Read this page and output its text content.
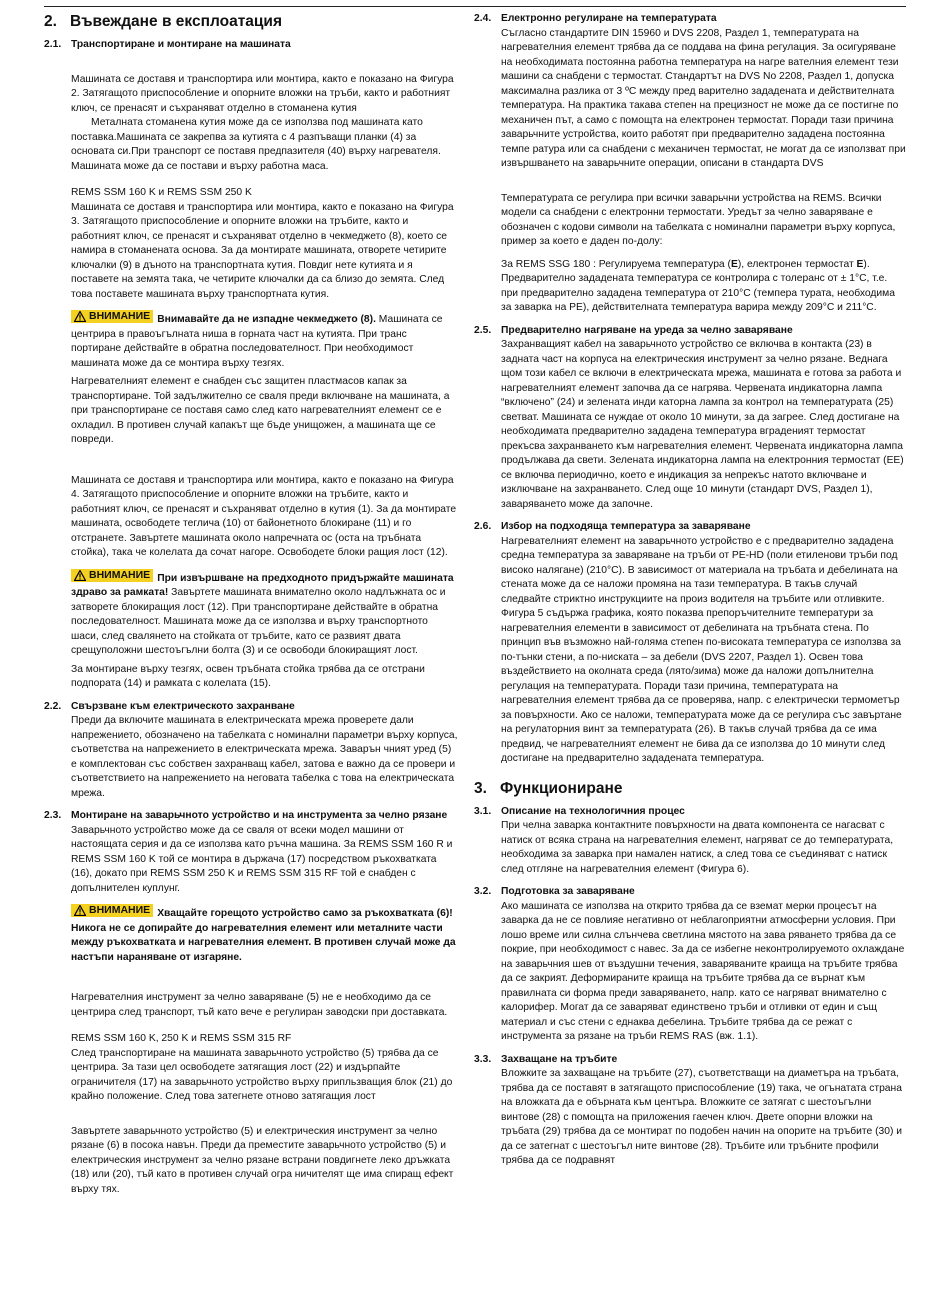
2. Въвеждане в експлоатация
2.1. Транспортиране и монтиране на машината

Машината се доставя и транспортира или монтира, както е показано на Фигура 2. Затягащото приспособление и опорните вложки на тръби, както и работният ключ, се пренасят и съхраняват отделно в стоманена кутия

Металната стоманена кутия може да се използва под машината като поставка.Машината се закрепва за кутията с 4 разпъващи планки (4) за основата си.При транспорт се поставя предпазителя (40) върху нагревателя. Машината може да се постави и върху работна маса.

REMS SSM 160 K и REMS SSM 250 K

Машината се доставя и транспортира или монтира, както е показано на Фигура 3. Затягащото приспособление и опорните вложки на тръбите, както и работният ключ, се пренасят и съхраняват отделно в чекмеджето (8), което се намира в стоманената основа. За да монтирате машината, отворете четирите ключалки (9) в дъното на транспортната кутия. Повдиг нете кутията и я поставете на земята така, че четирите ключалки да са близо до земята. След това поставете машината върху транспортната кутия.

ВНИМАНИЕ Внимавайте да не изпадне чекмеджето (8). Машината се центрира в правоъгълната ниша в горната част на кутията. При транс портиране действайте в обратна последователност. При необходимост машината може да се монтира върху тезгях.

Нагревателният елемент е снабден със защитен пластмасов капак за транспортиране. Той задължително се сваля преди включване на машината, а при транспортиране се поставя само след като нагревателният елемент се е охладил. В противен случай капакът ще бъде унищожен, а машината ще се повреди.

Машината се доставя и транспортира или монтира, както е показано на Фигура 4. Затягащото приспособление и опорните вложки на тръбите, както и работният ключ, се пренасят и съхраняват отделно в кутия (1). За да монтирате машината, освободете теглича (10) от байонетното блокиране (11) и го отстранете. Завъртете машината около напречната ос (оста на тръбната стойка), така че колелата да сочат нагоре. Освободете блоки ращия лост (12).

ВНИМАНИЕ При извършване на предходното придържайте машината здраво за рамката! Завъртете машината внимателно около надлъжната ос и затворете блокиращия лост (12). При транспортиране действайте в обратна последователност. Машината може да се използва и върху транспортното шаси, след свалянето на стойката от тръбите, като се развият двата срещуположни шестоъгълни болта (3) и се освободи блокиращият лост.

За монтиране върху тезгях, освен тръбната стойка трябва да се отстрани подпората (14) и рамката с колелата (15).

2.2. Свързване към електрическото захранване

Преди да включите машината в електрическата мрежа проверете дали напрежението, обозначено на табелката с номинални параметри върху корпуса, съответства на напрежението в електрическата мрежа. Заварън чният уред (5) е комплектован със собствен захранващ кабел, затова е важно да се провери и съответствието на напрежението на неговата табелка с това на електрическата мрежа.

2.3. Монтиране на заварьчното устройство и на инструмента за челно рязане

Заварьчното устройство може да се сваля от всеки модел машини от настоящата серия и да се използва като ръчна машина. За REMS SSM 160 R и REMS SSM 160 K той се монтира в държача (17) посредством ръкохватката (16), докато при REMS SSM 250 K и REMS SSM 315 RF той е снабден с допълнителен куплунг.

ВНИМАНИЕ Хващайте горещото устройство само за ръкохватката (6)! Никога не се допирайте до нагревателния елемент или металните части между ръкохватката и нагревателния елемент. В противен случай може да настъпи нараняване от изгаряне.

Нагревателния инструмент за челно заваряване (5) не е необходимо да се центрира след транспорт, тъй като вече е регулиран заводски при доставката.

REMS SSM 160 K, 250 K и REMS SSM 315 RF

След транспортиране на машината заварьчното устройство (5) трябва да се центрира. За тази цел освободете затягащия лост (22) и издърпайте ограничителя (17) на заварьчното устройство върху припльзващия блок (21) до крайно положение. След това затегнете отново затягащия лост

Завъртете заварьчното устройство (5) и електрическия инструмент за челно рязане (6) в посока навън. Преди да преместите заварьчното устройство (5) и електрическия инструмент за челно рязане встрани повдигнете леко дръжката (18) или (20), тъй като в противен случай огра ничителят ще има спиращ ефект върху тях.

2.4. Електронно регулиране на температурата

Съгласно стандартите DIN 15960 и DVS 2208, Раздел 1, температурата на нагревателния елемент трябва да се поддава на фина регулация. За осигуряване на необходимата постоянна работна температура на нагре вателния елемент тези машини са снабдени с термостат. Стандартът на DVS No 2208, Раздел 1, допуска максимална разлика от 3 ºC между пред варително зададената и действителната температура. На практика такава степен на прецизност не може да се постигне по механичен път, а само с помощта на електронен термостат. Поради тази причина заварьчните устройства, които работят при предварително зададена постоянна темпе ратура или са снабдени с механичен термостат, не могат да се използват при извършването на заварьчните операции, описани в стандарта DVS

Температурата се регулира при всички заварьчни устройства на REMS. Всички модели са снабдени с електронни термостати. Уредът за челно заваряване е обозначен с кодови символи на табелката с номинални параметри върху корпуса, пример за което е даден по-долу:

За REMS SSG 180 : Регулируема температура (E), електронен термостат E). Предварително зададената температура се контролира с толеранс от ± 1°C, т.е. при предварително зададена температура от 210°C (темпера турата, необходима за заварка на PE), действителната температура варира между 209°C и 211°C.

2.5. Предварително нагряване на уреда за челно заваряване

Захранващият кабел на заварьчното устройство се включва в контакта (23) в задната част на корпуса на електрическия инструмент за челно рязане. Веднага щом този кабел се включи в електрическата мрежа, машината е готова за работа и нагревателният елемент започва да се нагрява. Червената индикаторна лампа “включено” (24) и зелената инди каторна лампа за контрол на температурата (25) светват. Машината се нуждае от около 10 минути, за да загрее. След достигане на необходимата предварително зададена температура вграденият термостат прекъсва захранването към нагревателния елемент. Червената индикаторна лампа продължава да свети. Зелената индикаторна лампа на електронния термостат (EE) се включва периодично, което е индикация за непрекъс натото включване и изключване на захранването. След още 10 минути (стандарт DVS, Раздел 1), заваряването може да започне.

2.6. Избор на подходяща температура за заваряване

Нагревателният елемент на заварьчното устройство е с предварително зададена средна температура за заваряване на тръби от PE-HD (поли етиленови тръби под високо налягане) (210°C). В зависимост от материала на тръбата и дебелината на стената може да се наложи промяна на тази температура. В такъв случай следвайте стриктно инструкциите на произ водителя на тръбите или отливките. Фигура 5 съдържа графика, която показва препоръчителните температури за нагревателния елементи в зависимост от дебелината на тръбната стена. По принцип във възможно най-голяма степен по-високата температура се използва за по-тънки стени, а по-ниската – за дебели (DVS 2207, Раздел 1). Освен това въздействието на околната среда (лято/зима) може да наложи допълнителна регулация на температурата. Поради тази причина, температурата на нагревателния елемент трябва да се проверява, напр. с електрически термометър за повърхности. Ако се наложи, температурата може да се регулира със завъртане на регулаторния винт за температурата (26). В такъв случай трябва да се има предвид, че нагревателният елемент не бива да се използва до 10 минути след достигане на предварително зададената температура.

3. Функциониране
3.1. Описание на технологичния процес

При челна заварка контактните повърхности на двата компонента се нагасват с натиск от всяка страна на нагревателния елемент, нагряват се до температурата, необходима за заварка при намален натиск, а след това се съединяват с натиск след отгляне на нагревателния елемент (Фигура 6).

3.2. Подготовка за заваряване

Ако машината се използва на открито трябва да се вземат мерки процесът на заварка да не се повлияе негативно от неблагоприятни атмосферни условия. При лошо време или силна слънчева светлина мястото на зава ряването трябва да се покрие, при необходимост с навес. За да се избегне неконтролируемото охлаждане на заварьчния шев от въздушни течения, заваряваните краища на тръбите трябва да се закрият. Деформираните краища на тръбите трябва да се върнат към правилната си форма преди заваряването, напр. като се нагряват внимателно с калорифер. Могат да се заваряват единствено тръби и отливки от един и същ материал и със стени с еднаква дебелина. Тръбите трябва да се режат с инструмента за рязане на тръби REMS RAS (вж. 1.1).

3.3. Захващане на тръбите

Вложките за захващане на тръбите (27), съответстващи на диаметъра на тръбата, трябва да се поставят в затягащото приспособление (19) така, че огънатата страна на вложката да е обърната към центъра. Вложките се затягат с шестоъгълни винтове (28) с помощта на приложения гаечен ключ. Двете опорни вложки на тръбата (29) трябва да се монтират по подобен начин на опорите на тръбите (30) и да се затегнат с шестоъгъл ните винтове (28). Тръбите или тръбните профили трябва да се подравнят
